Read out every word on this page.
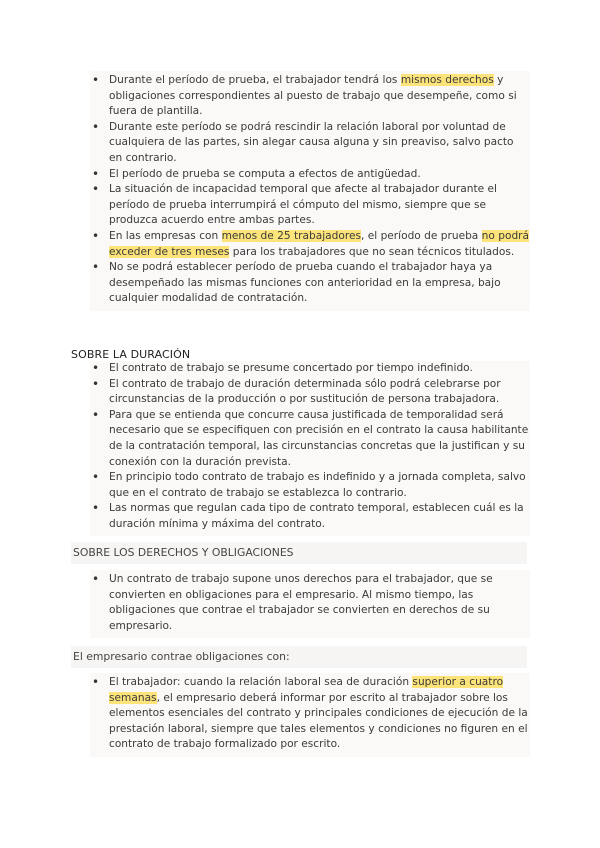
• Durante el período de prueba, el trabajador tendrá los mismos derechos y obligaciones correspondientes al puesto de trabajo que desempeñe, como si fuera de plantilla.
• Durante este período se podrá rescindir la relación laboral por voluntad de cualquiera de las partes, sin alegar causa alguna y sin preaviso, salvo pacto en contrario.
• El período de prueba se computa a efectos de antigüedad.
• La situación de incapacidad temporal que afecte al trabajador durante el período de prueba interrumpirá el cómputo del mismo, siempre que se produzca acuerdo entre ambas partes.
• En las empresas con menos de 25 trabajadores, el período de prueba no podrá exceder de tres meses para los trabajadores que no sean técnicos titulados.
• No se podrá establecer período de prueba cuando el trabajador haya ya desempeñado las mismas funciones con anterioridad en la empresa, bajo cualquier modalidad de contratación.
SOBRE LA DURACIÓN
• El contrato de trabajo se presume concertado por tiempo indefinido.
• El contrato de trabajo de duración determinada sólo podrá celebrarse por circunstancias de la producción o por sustitución de persona trabajadora.
• Para que se entienda que concurre causa justificada de temporalidad será necesario que se especifiquen con precisión en el contrato la causa habilitante de la contratación temporal, las circunstancias concretas que la justifican y su conexión con la duración prevista.
• En principio todo contrato de trabajo es indefinido y a jornada completa, salvo que en el contrato de trabajo se establezca lo contrario.
• Las normas que regulan cada tipo de contrato temporal, establecen cuál es la duración mínima y máxima del contrato.
SOBRE LOS DERECHOS Y OBLIGACIONES
• Un contrato de trabajo supone unos derechos para el trabajador, que se convierten en obligaciones para el empresario. Al mismo tiempo, las obligaciones que contrae el trabajador se convierten en derechos de su empresario.
El empresario contrae obligaciones con:
• El trabajador: cuando la relación laboral sea de duración superior a cuatro semanas, el empresario deberá informar por escrito al trabajador sobre los elementos esenciales del contrato y principales condiciones de ejecución de la prestación laboral, siempre que tales elementos y condiciones no figuren en el contrato de trabajo formalizado por escrito.
